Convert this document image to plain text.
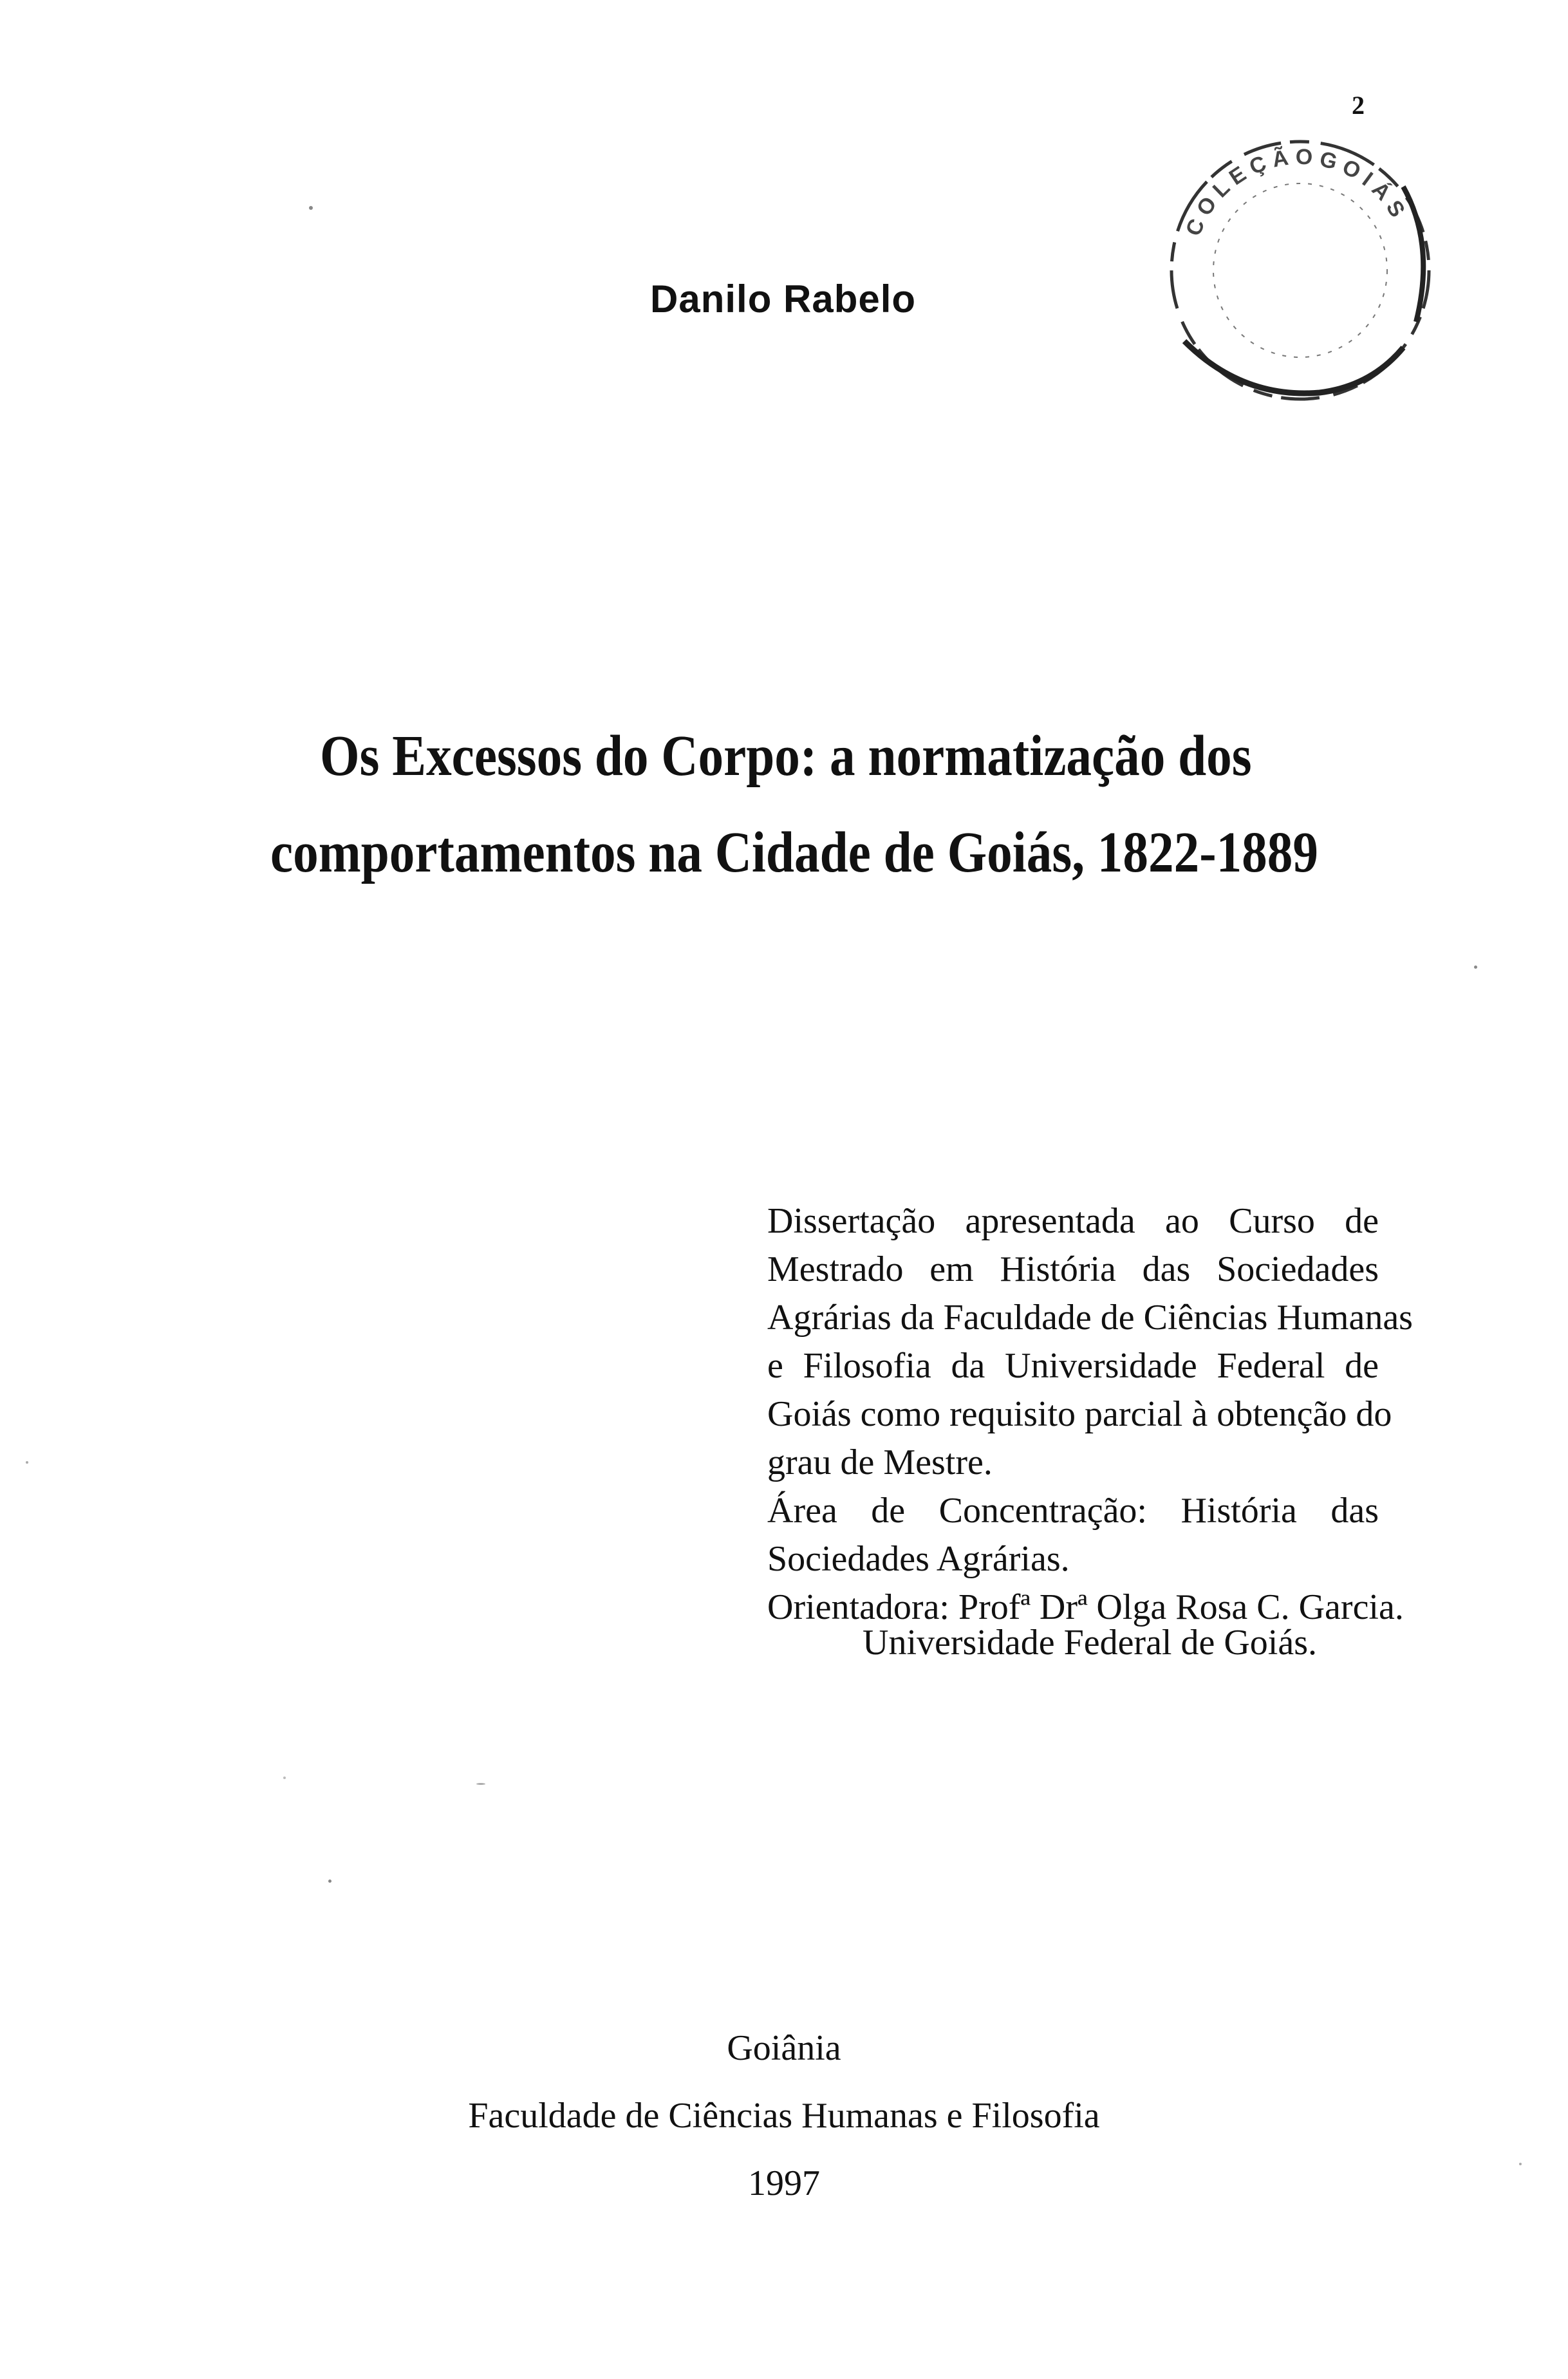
2
C O L E Ç Ã O G O I Á S
Danilo Rabelo
Os Excessos do Corpo: a normatização dos
comportamentos na Cidade de Goiás, 1822-1889
Dissertação apresentada ao Curso de
Mestrado em História das Sociedades
Agrárias da Faculdade de Ciências Humanas
e Filosofia da Universidade Federal de
Goiás como requisito parcial à obtenção do
grau de Mestre.
Área de Concentração: História das
Sociedades Agrárias.
Orientadora: Profª Drª Olga Rosa C. Garcia.
Universidade Federal de Goiás.
Goiânia
Faculdade de Ciências Humanas e Filosofia
1997
